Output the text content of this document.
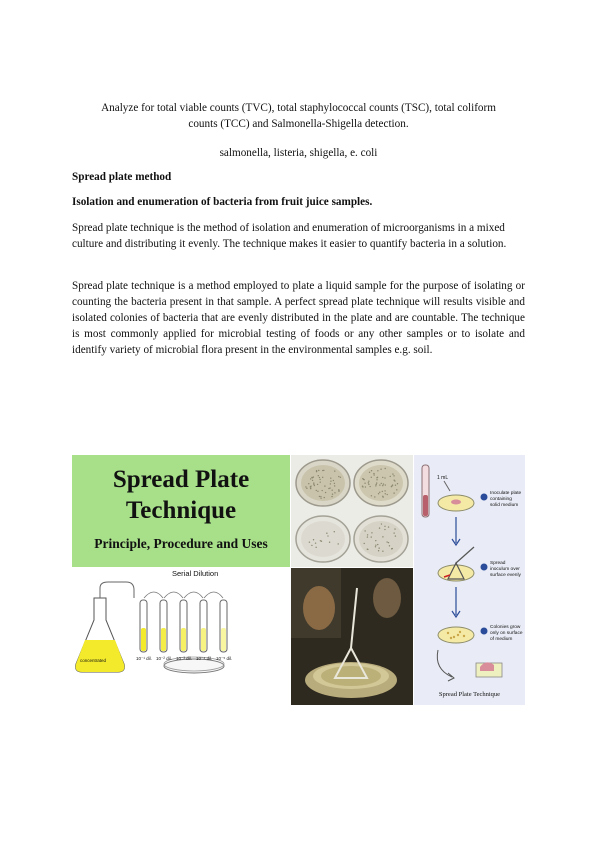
Analyze for total viable counts (TVC), total staphylococcal counts (TSC), total coliform
counts (TCC) and Salmonella-Shigella detection.
salmonella, listeria, shigella, e. coli
Spread plate method
Isolation and enumeration of bacteria from fruit juice samples.
Spread plate technique is the method of isolation and enumeration of microorganisms in a mixed culture and distributing it evenly. The technique makes it easier to quantify bacteria in a solution.
Spread plate technique is a method employed to plate a liquid sample for the purpose of isolating or counting the bacteria present in that sample. A perfect spread plate technique will results visible and isolated colonies of bacteria that are evenly distributed in the plate and are countable. The technique is most commonly applied for microbial testing of foods or any other samples or to isolate and identify variety of microbial flora present in the environmental samples e.g. soil.
Spread Plate
Technique
Principle, Procedure and Uses
1 mL
Inoculate plate containing solid medium
Spread inoculum over surface evenly
Colonies grow only on surface of medium
Spread Plate Technique
Serial Dilution
10⁻¹ dil. 10⁻² dil. 10⁻³ dil. 10⁻⁴ dil. 10⁻⁵ dil.
concentrated
